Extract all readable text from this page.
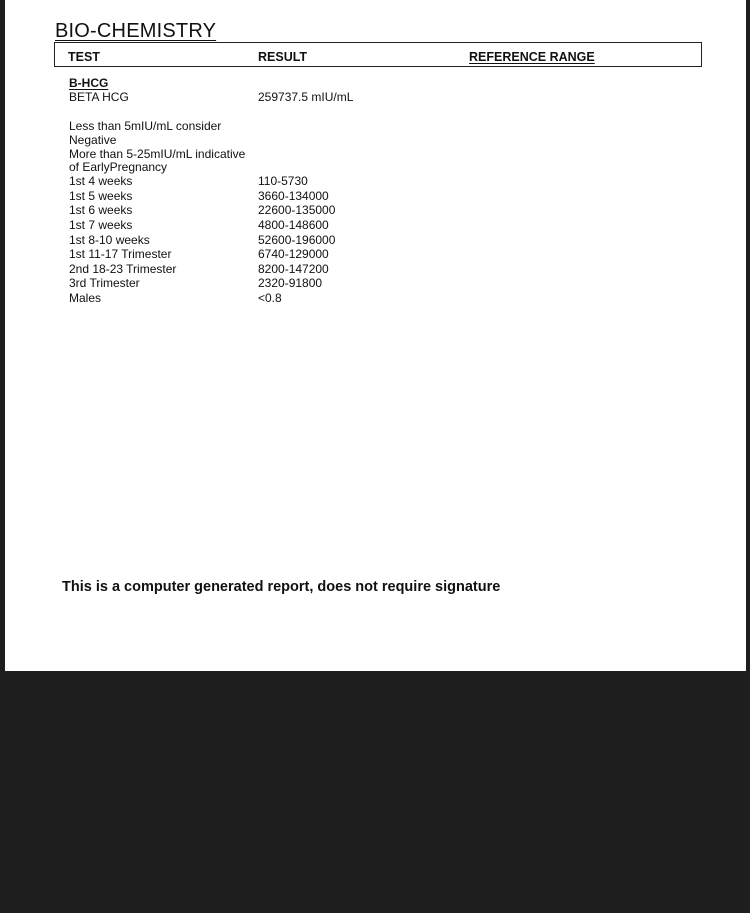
BIO-CHEMISTRY
TEST	RESULT	REFERENCE RANGE
B-HCG
BETA HCG	259737.5 mIU/mL
Less than 5mIU/mL consider
Negative
More than 5-25mIU/mL indicative
of EarlyPregnancy
1st 4 weeks	110-5730
1st 5 weeks	3660-134000
1st 6 weeks	22600-135000
1st 7 weeks	4800-148600
1st 8-10 weeks	52600-196000
1st 11-17 Trimester	6740-129000
2nd 18-23 Trimester	8200-147200
3rd Trimester	2320-91800
Males	<0.8
This is a computer generated report, does not require signature
